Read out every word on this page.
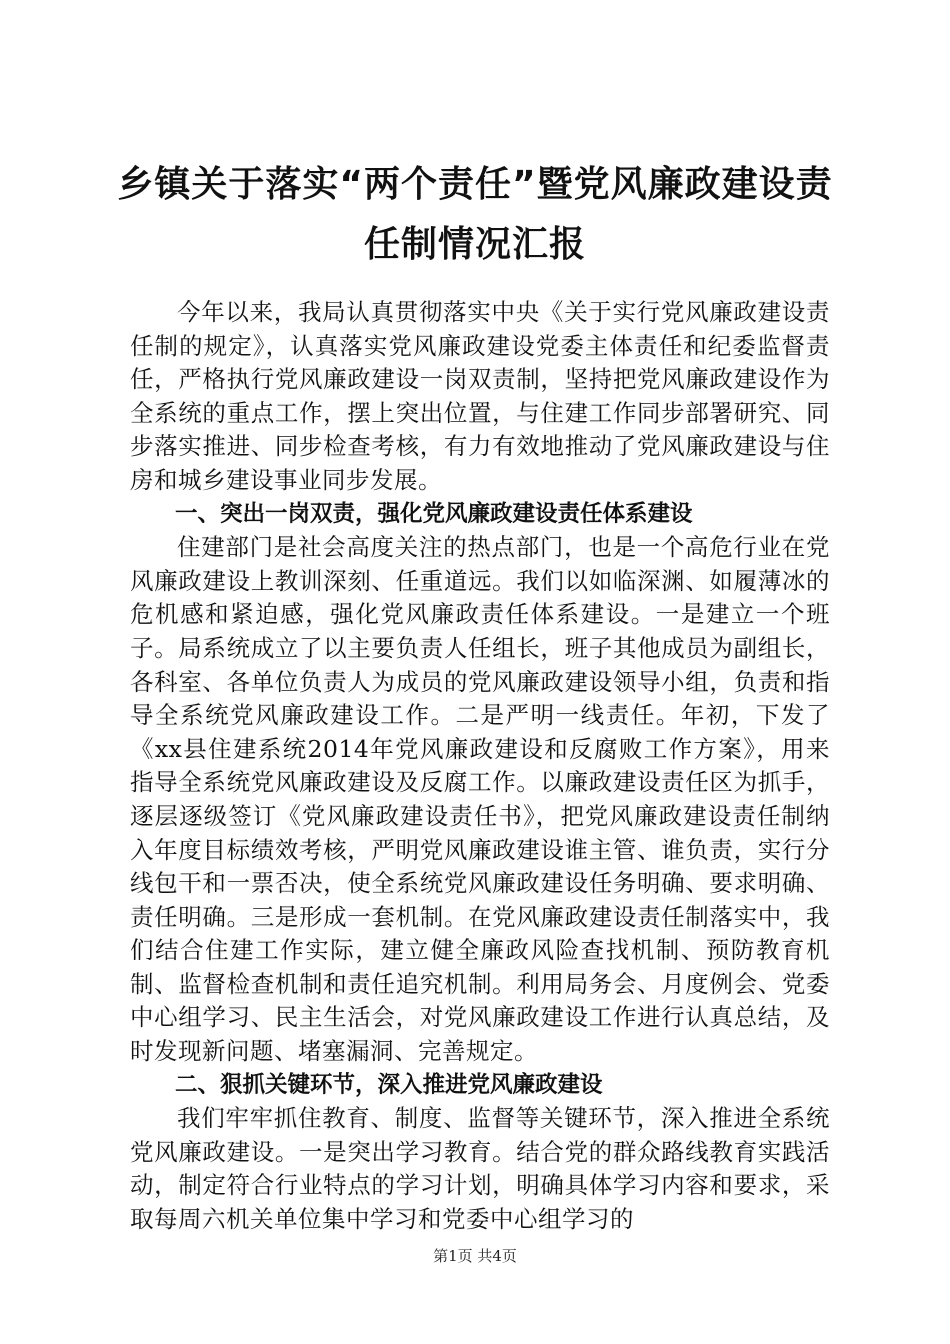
乡镇关于落实“两个责任”暨党风廉政建设责
任制情况汇报

今年以来，我局认真贯彻落实中央《关于实行党风廉政建设责任制的规定》，认真落实党风廉政建设党委主体责任和纪委监督责任，严格执行党风廉政建设一岗双责制，坚持把党风廉政建设作为全系统的重点工作，摆上突出位置，与住建工作同步部署研究、同步落实推进、同步检查考核，有力有效地推动了党风廉政建设与住房和城乡建设事业同步发展。

一、突出一岗双责，强化党风廉政建设责任体系建设

住建部门是社会高度关注的热点部门，也是一个高危行业在党风廉政建设上教训深刻、任重道远。我们以如临深渊、如履薄冰的危机感和紧迫感，强化党风廉政责任体系建设。一是建立一个班子。局系统成立了以主要负责人任组长，班子其他成员为副组长，各科室、各单位负责人为成员的党风廉政建设领导小组，负责和指导全系统党风廉政建设工作。二是严明一线责任。年初，下发了《xx县住建系统2014年党风廉政建设和反腐败工作方案》，用来指导全系统党风廉政建设及反腐工作。以廉政建设责任区为抓手，逐层逐级签订《党风廉政建设责任书》，把党风廉政建设责任制纳入年度目标绩效考核，严明党风廉政建设谁主管、谁负责，实行分线包干和一票否决，使全系统党风廉政建设任务明确、要求明确、责任明确。三是形成一套机制。在党风廉政建设责任制落实中，我们结合住建工作实际，建立健全廉政风险查找机制、预防教育机制、监督检查机制和责任追究机制。利用局务会、月度例会、党委中心组学习、民主生活会，对党风廉政建设工作进行认真总结，及时发现新问题、堵塞漏洞、完善规定。

二、狠抓关键环节，深入推进党风廉政建设

我们牢牢抓住教育、制度、监督等关键环节，深入推进全系统党风廉政建设。一是突出学习教育。结合党的群众路线教育实践活动，制定符合行业特点的学习计划，明确具体学习内容和要求，采取每周六机关单位集中学习和党委中心组学习的

第1页 共4页
